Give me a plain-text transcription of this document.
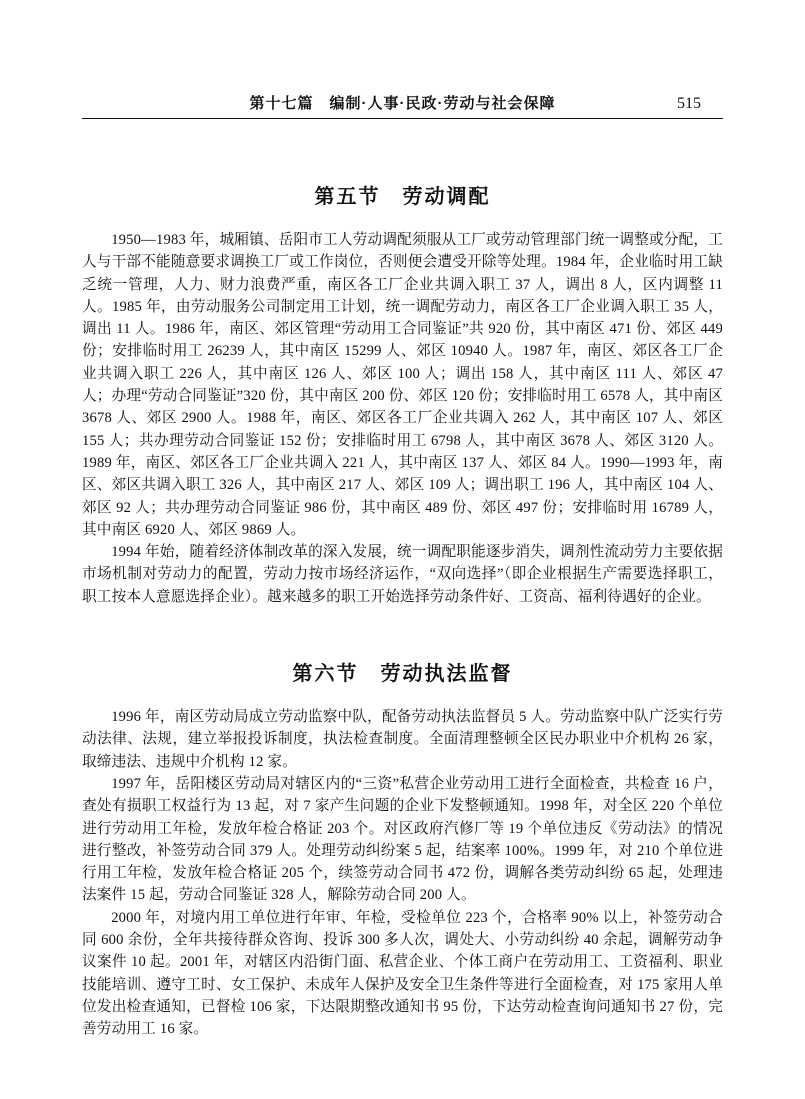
第十七篇　编制·人事·民政·劳动与社会保障	515
第五节　劳动调配

1950—1983 年，城厢镇、岳阳市工人劳动调配须服从工厂或劳动管理部门统一调整或分配，工人与干部不能随意要求调换工厂或工作岗位，否则便会遭受开除等处理。1984 年，企业临时用工缺乏统一管理，人力、财力浪费严重，南区各工厂企业共调入职工 37 人，调出 8 人，区内调整 11 人。1985 年，由劳动服务公司制定用工计划，统一调配劳动力，南区各工厂企业调入职工 35 人，调出 11 人。1986 年，南区、郊区管理“劳动用工合同鉴证”共 920 份，其中南区 471 份、郊区 449 份；安排临时用工 26239 人，其中南区 15299 人、郊区 10940 人。1987 年，南区、郊区各工厂企业共调入职工 226 人，其中南区 126 人、郊区 100 人；调出 158 人，其中南区 111 人、郊区 47 人；办理“劳动合同鉴证”320 份，其中南区 200 份、郊区 120 份；安排临时用工 6578 人，其中南区 3678 人、郊区 2900 人。1988 年，南区、郊区各工厂企业共调入 262 人，其中南区 107 人、郊区 155 人；共办理劳动合同鉴证 152 份；安排临时用工 6798 人，其中南区 3678 人、郊区 3120 人。1989 年，南区、郊区各工厂企业共调入 221 人，其中南区 137 人、郊区 84 人。1990—1993 年，南区、郊区共调入职工 326 人，其中南区 217 人、郊区 109 人；调出职工 196 人，其中南区 104 人、郊区 92 人；共办理劳动合同鉴证 986 份，其中南区 489 份、郊区 497 份；安排临时用 16789 人，其中南区 6920 人、郊区 9869 人。

1994 年始，随着经济体制改革的深入发展，统一调配职能逐步消失，调剂性流动劳力主要依据市场机制对劳动力的配置，劳动力按市场经济运作，“双向选择”（即企业根据生产需要选择职工，职工按本人意愿选择企业）。越来越多的职工开始选择劳动条件好、工资高、福利待遇好的企业。

第六节　劳动执法监督

1996 年，南区劳动局成立劳动监察中队，配备劳动执法监督员 5 人。劳动监察中队广泛实行劳动法律、法规，建立举报投诉制度，执法检查制度。全面清理整顿全区民办职业中介机构 26 家，取缔违法、违规中介机构 12 家。

1997 年，岳阳楼区劳动局对辖区内的“三资”私营企业劳动用工进行全面检查，共检查 16 户，查处有损职工权益行为 13 起，对 7 家产生问题的企业下发整顿通知。1998 年，对全区 220 个单位进行劳动用工年检，发放年检合格证 203 个。对区政府汽修厂等 19 个单位违反《劳动法》的情况进行整改，补签劳动合同 379 人。处理劳动纠纷案 5 起，结案率 100%。1999 年，对 210 个单位进行用工年检，发放年检合格证 205 个，续签劳动合同书 472 份，调解各类劳动纠纷 65 起，处理违法案件 15 起，劳动合同鉴证 328 人，解除劳动合同 200 人。

2000 年，对境内用工单位进行年审、年检，受检单位 223 个，合格率 90% 以上，补签劳动合同 600 余份，全年共接待群众咨询、投诉 300 多人次，调处大、小劳动纠纷 40 余起，调解劳动争议案件 10 起。2001 年，对辖区内沿街门面、私营企业、个体工商户在劳动用工、工资福利、职业技能培训、遵守工时、女工保护、未成年人保护及安全卫生条件等进行全面检查，对 175 家用人单位发出检查通知，已督检 106 家，下达限期整改通知书 95 份，下达劳动检查询问通知书 27 份，完善劳动用工 16 家。
